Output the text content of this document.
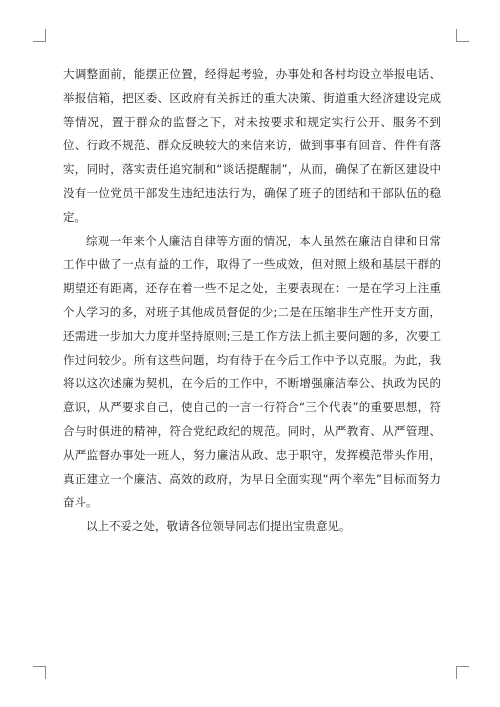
大调整面前，能摆正位置，经得起考验，办事处和各村均设立举报电话、举报信箱，把区委、区政府有关拆迁的重大决策、街道重大经济建设完成等情况，置于群众的监督之下，对未按要求和规定实行公开、服务不到位、行政不规范、群众反映较大的来信来访，做到事事有回音、件件有落实，同时，落实责任追究制和“谈话提醒制”，从而，确保了在新区建设中没有一位党员干部发生违纪违法行为，确保了班子的团结和干部队伍的稳定。

综观一年来个人廉洁自律等方面的情况，本人虽然在廉洁自律和日常工作中做了一点有益的工作，取得了一些成效，但对照上级和基层干群的期望还有距离，还存在着一些不足之处，主要表现在：一是在学习上注重个人学习的多，对班子其他成员督促的少;二是在压缩非生产性开支方面，还需进一步加大力度并坚持原则;三是工作方法上抓主要问题的多，次要工作过问较少。所有这些问题，均有待于在今后工作中予以克服。为此，我将以这次述廉为契机，在今后的工作中，不断增强廉洁奉公、执政为民的意识，从严要求自己，使自己的一言一行符合“三个代表”的重要思想，符合与时俱进的精神，符合党纪政纪的规范。同时，从严教育、从严管理、从严监督办事处一班人，努力廉洁从政、忠于职守，发挥模范带头作用，真正建立一个廉洁、高效的政府，为早日全面实现“两个率先”目标而努力奋斗。

以上不妥之处，敬请各位领导同志们提出宝贵意见。
